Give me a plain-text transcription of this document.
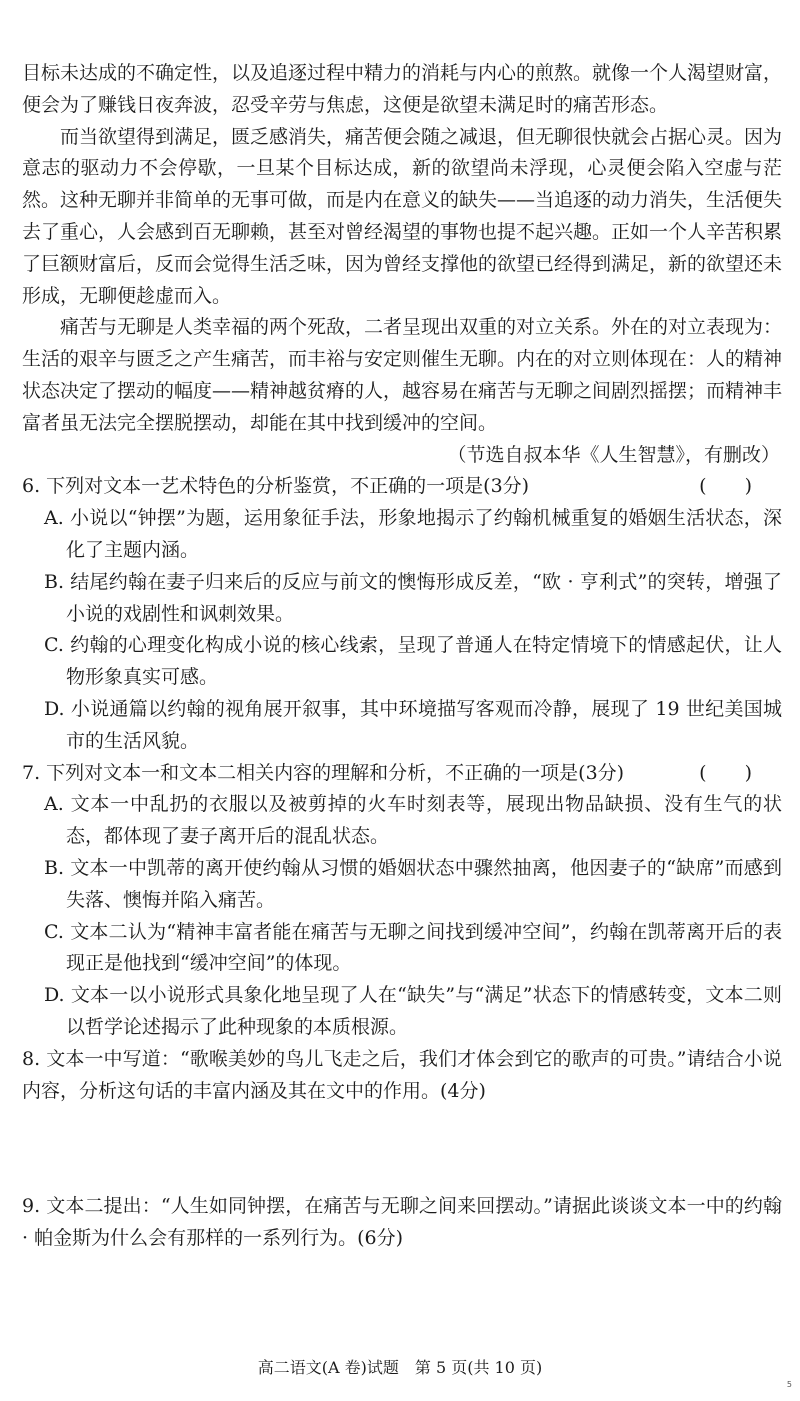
目标未达成的不确定性，以及追逐过程中精力的消耗与内心的煎熬。就像一个人渴望财富，便会为了赚钱日夜奔波，忍受辛劳与焦虑，这便是欲望未满足时的痛苦形态。

而当欲望得到满足，匮乏感消失，痛苦便会随之减退，但无聊很快就会占据心灵。因为意志的驱动力不会停歇，一旦某个目标达成，新的欲望尚未浮现，心灵便会陷入空虚与茫然。这种无聊并非简单的无事可做，而是内在意义的缺失——当追逐的动力消失，生活便失去了重心，人会感到百无聊赖，甚至对曾经渴望的事物也提不起兴趣。正如一个人辛苦积累了巨额财富后，反而会觉得生活乏味，因为曾经支撑他的欲望已经得到满足，新的欲望还未形成，无聊便趁虚而入。

痛苦与无聊是人类幸福的两个死敌，二者呈现出双重的对立关系。外在的对立表现为：生活的艰辛与匮乏之产生痛苦，而丰裕与安定则催生无聊。内在的对立则体现在：人的精神状态决定了摆动的幅度——精神越贫瘠的人，越容易在痛苦与无聊之间剧烈摇摆；而精神丰富者虽无法完全摆脱摆动，却能在其中找到缓冲的空间。

（节选自叔本华《人生智慧》，有删改）

(　　)
6. 下列对文本一艺术特色的分析鉴赏，不正确的一项是(3分)

A. 小说以“钟摆”为题，运用象征手法，形象地揭示了约翰机械重复的婚姻生活状态，深化了主题内涵。

B. 结尾约翰在妻子归来后的反应与前文的懊悔形成反差，“欧 · 亨利式”的突转，增强了小说的戏剧性和讽刺效果。

C. 约翰的心理变化构成小说的核心线索，呈现了普通人在特定情境下的情感起伏，让人物形象真实可感。

D. 小说通篇以约翰的视角展开叙事，其中环境描写客观而冷静，展现了 19 世纪美国城市的生活风貌。

(　　)
7. 下列对文本一和文本二相关内容的理解和分析，不正确的一项是(3分)

A. 文本一中乱扔的衣服以及被剪掉的火车时刻表等，展现出物品缺损、没有生气的状态，都体现了妻子离开后的混乱状态。

B. 文本一中凯蒂的离开使约翰从习惯的婚姻状态中骤然抽离，他因妻子的“缺席”而感到失落、懊悔并陷入痛苦。

C. 文本二认为“精神丰富者能在痛苦与无聊之间找到缓冲空间”，约翰在凯蒂离开后的表现正是他找到“缓冲空间”的体现。

D. 文本一以小说形式具象化地呈现了人在“缺失”与“满足”状态下的情感转变，文本二则以哲学论述揭示了此种现象的本质根源。

8. 文本一中写道：“歌喉美妙的鸟儿飞走之后，我们才体会到它的歌声的可贵。”请结合小说内容，分析这句话的丰富内涵及其在文中的作用。(4分)

9. 文本二提出：“人生如同钟摆，在痛苦与无聊之间来回摆动。”请据此谈谈文本一中的约翰 · 帕金斯为什么会有那样的一系列行为。(6分)

高二语文(A 卷)试题　第 5 页(共 10 页)
5
